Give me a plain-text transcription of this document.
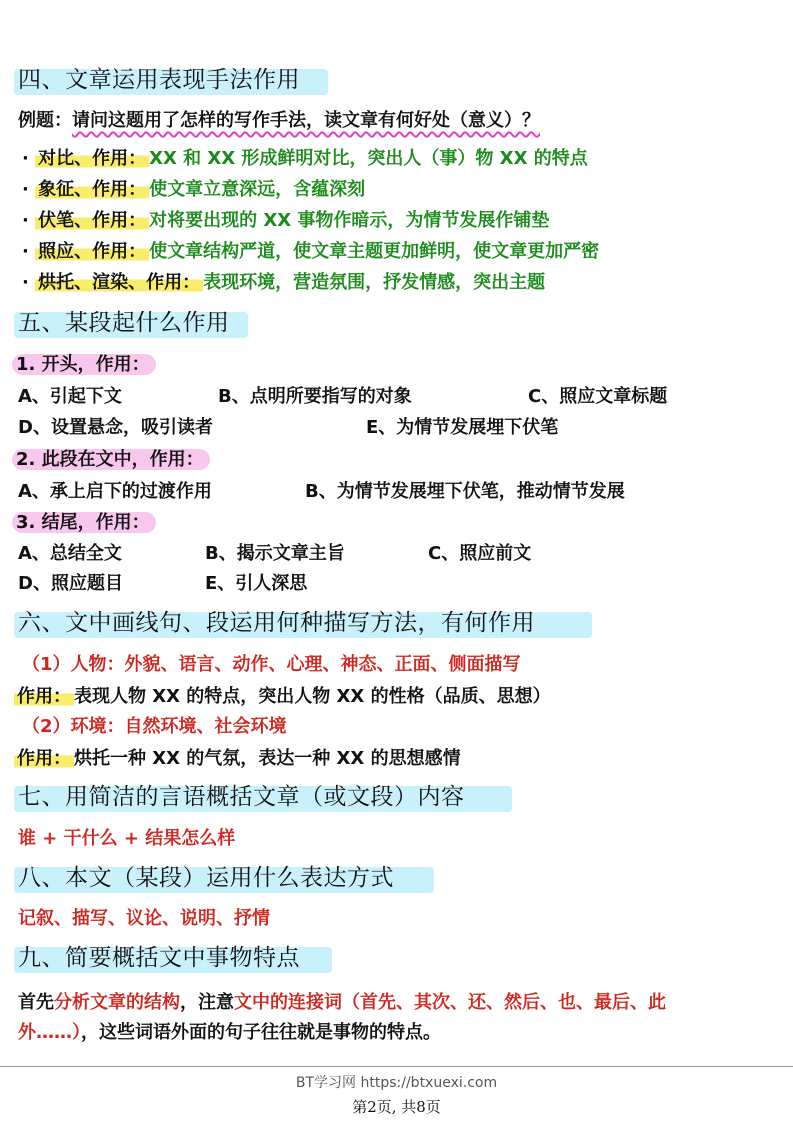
四、文章运用表现手法作用
例题：请问这题用了怎样的写作手法，读文章有何好处（意义）？
· 对比、作用： XX 和 XX 形成鲜明对比，突出人（事）物 XX 的特点
· 象征、作用： 使文章立意深远，含蕴深刻
· 伏笔、作用： 对将要出现的 XX 事物作暗示，为情节发展作铺垫
· 照应、作用： 使文章结构严道，使文章主题更加鲜明，使文章更加严密
· 烘托、渲染、作用： 表现环境，营造氛围，抒发情感，突出主题
五、某段起什么作用
1. 开头，作用：
A、引起下文	B、点明所要指写的对象	C、照应文章标题
D、设置悬念，吸引读者	E、为情节发展埋下伏笔
2. 此段在文中，作用：
A、承上启下的过渡作用	B、为情节发展埋下伏笔，推动情节发展
3. 结尾，作用：
A、总结全文	B、揭示文章主旨	C、照应前文
D、照应题目	E、引人深思
六、文中画线句、段运用何种描写方法，有何作用
（1）人物：外貌、语言、动作、心理、神态、正面、侧面描写
作用： 表现人物 XX 的特点，突出人物 XX 的性格（品质、思想）
（2）环境：自然环境、社会环境
作用： 烘托一种 XX 的气氛，表达一种 XX 的思想感情
七、用简洁的言语概括文章（或文段）内容
谁 + 干什么 + 结果怎么样
八、本文（某段）运用什么表达方式
记叙、描写、议论、说明、抒情
九、简要概括文中事物特点
首先分析文章的结构，注意文中的连接词（首先、其次、还、然后、也、最后、此
外……），这些词语外面的句子往往就是事物的特点。
BT学习网 https://btxuexi.com
第2页, 共8页
